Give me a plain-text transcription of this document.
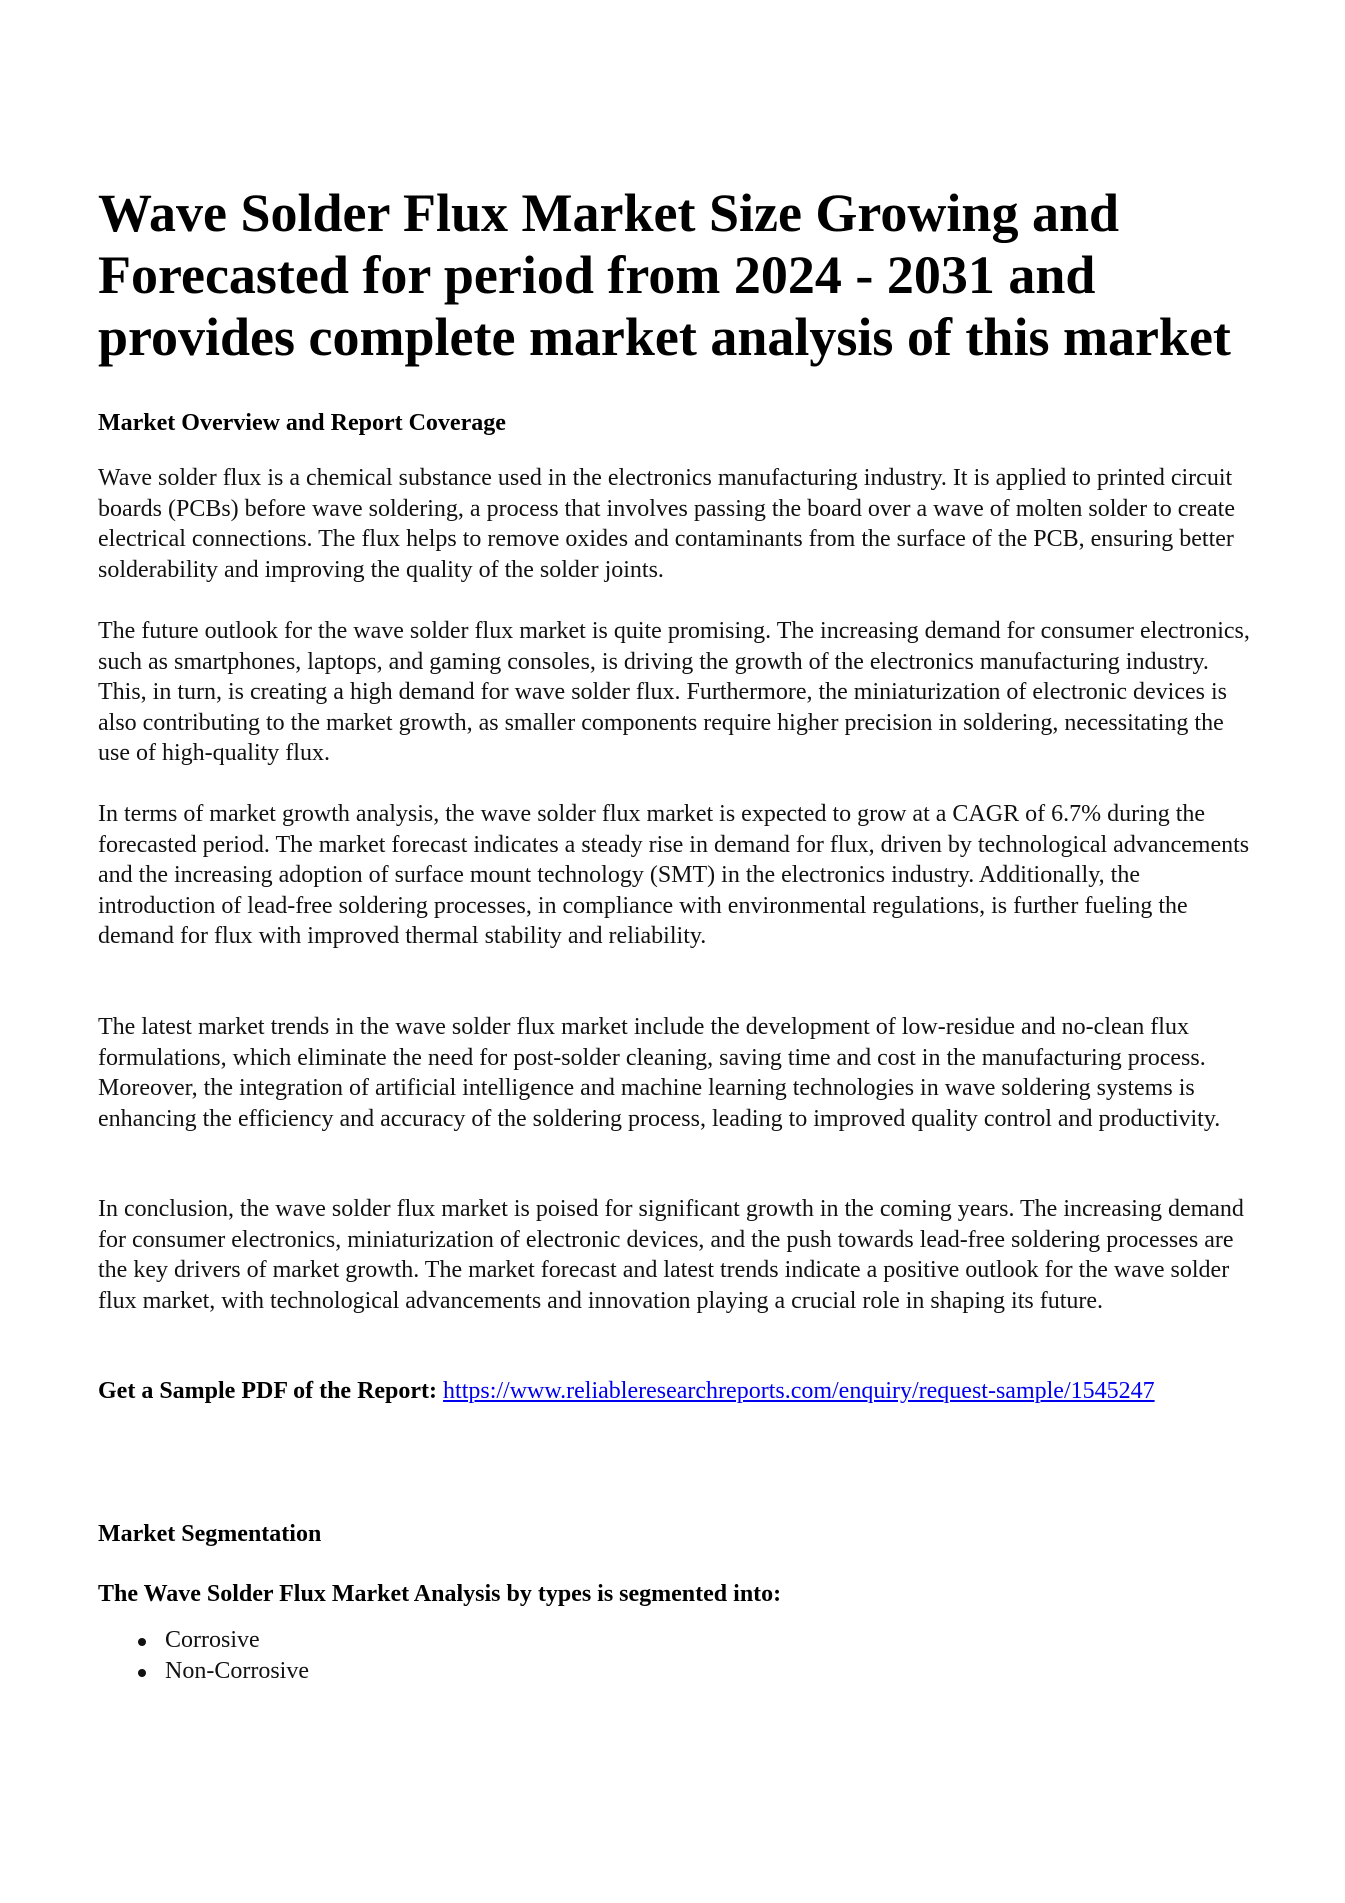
Wave Solder Flux Market Size Growing and Forecasted for period from 2024 - 2031 and provides complete market analysis of this market
Market Overview and Report Coverage

Wave solder flux is a chemical substance used in the electronics manufacturing industry. It is applied to printed circuit boards (PCBs) before wave soldering, a process that involves passing the board over a wave of molten solder to create electrical connections. The flux helps to remove oxides and contaminants from the surface of the PCB, ensuring better solderability and improving the quality of the solder joints.

The future outlook for the wave solder flux market is quite promising. The increasing demand for consumer electronics, such as smartphones, laptops, and gaming consoles, is driving the growth of the electronics manufacturing industry. This, in turn, is creating a high demand for wave solder flux. Furthermore, the miniaturization of electronic devices is also contributing to the market growth, as smaller components require higher precision in soldering, necessitating the use of high-quality flux.

In terms of market growth analysis, the wave solder flux market is expected to grow at a CAGR of 6.7% during the forecasted period. The market forecast indicates a steady rise in demand for flux, driven by technological advancements and the increasing adoption of surface mount technology (SMT) in the electronics industry. Additionally, the introduction of lead-free soldering processes, in compliance with environmental regulations, is further fueling the demand for flux with improved thermal stability and reliability.

The latest market trends in the wave solder flux market include the development of low-residue and no-clean flux formulations, which eliminate the need for post-solder cleaning, saving time and cost in the manufacturing process. Moreover, the integration of artificial intelligence and machine learning technologies in wave soldering systems is enhancing the efficiency and accuracy of the soldering process, leading to improved quality control and productivity.

In conclusion, the wave solder flux market is poised for significant growth in the coming years. The increasing demand for consumer electronics, miniaturization of electronic devices, and the push towards lead-free soldering processes are the key drivers of market growth. The market forecast and latest trends indicate a positive outlook for the wave solder flux market, with technological advancements and innovation playing a crucial role in shaping its future.

Get a Sample PDF of the Report: https://www.reliableresearchreports.com/enquiry/request-sample/1545247

Market Segmentation
The Wave Solder Flux Market Analysis by types is segmented into:
Corrosive
Non-Corrosive
